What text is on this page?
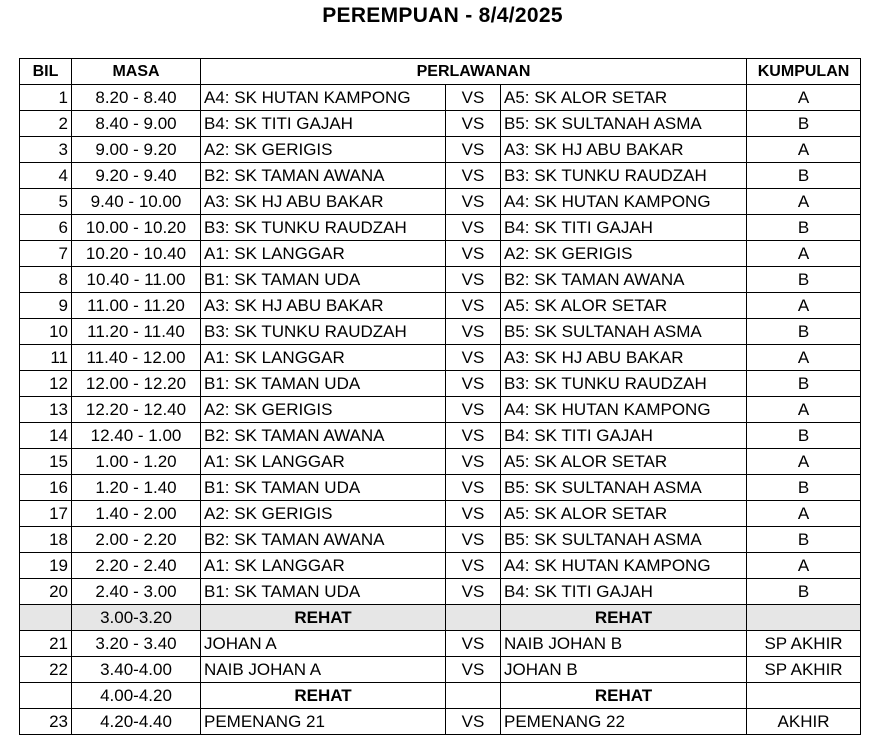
PEREMPUAN - 8/4/2025
BIL	MASA	PERLAWANAN			KUMPULAN
1	8.20 - 8.40	A4: SK HUTAN KAMPONG	VS	A5: SK ALOR SETAR	A
2	8.40 - 9.00	B4: SK TITI GAJAH	VS	B5: SK SULTANAH ASMA	B
3	9.00 - 9.20	A2: SK GERIGIS	VS	A3: SK HJ ABU BAKAR	A
4	9.20 - 9.40	B2: SK TAMAN AWANA	VS	B3: SK TUNKU RAUDZAH	B
5	9.40 - 10.00	A3: SK HJ ABU BAKAR	VS	A4: SK HUTAN KAMPONG	A
6	10.00 - 10.20	B3: SK TUNKU RAUDZAH	VS	B4: SK TITI GAJAH	B
7	10.20 - 10.40	A1: SK LANGGAR	VS	A2: SK GERIGIS	A
8	10.40 - 11.00	B1: SK TAMAN UDA	VS	B2: SK TAMAN AWANA	B
9	11.00 - 11.20	A3: SK HJ ABU BAKAR	VS	A5: SK ALOR SETAR	A
10	11.20 - 11.40	B3: SK TUNKU RAUDZAH	VS	B5: SK SULTANAH ASMA	B
11	11.40 - 12.00	A1: SK LANGGAR	VS	A3: SK HJ ABU BAKAR	A
12	12.00 - 12.20	B1: SK TAMAN UDA	VS	B3: SK TUNKU RAUDZAH	B
13	12.20 - 12.40	A2: SK GERIGIS	VS	A4: SK HUTAN KAMPONG	A
14	12.40 - 1.00	B2: SK TAMAN AWANA	VS	B4: SK TITI GAJAH	B
15	1.00 - 1.20	A1: SK LANGGAR	VS	A5: SK ALOR SETAR	A
16	1.20 - 1.40	B1: SK TAMAN UDA	VS	B5: SK SULTANAH ASMA	B
17	1.40 - 2.00	A2: SK GERIGIS	VS	A5: SK ALOR SETAR	A
18	2.00 - 2.20	B2: SK TAMAN AWANA	VS	B5: SK SULTANAH ASMA	B
19	2.20 - 2.40	A1: SK LANGGAR	VS	A4: SK HUTAN KAMPONG	A
20	2.40 - 3.00	B1: SK TAMAN UDA	VS	B4: SK TITI GAJAH	B
	3.00-3.20	REHAT		REHAT	
21	3.20 - 3.40	JOHAN A	VS	NAIB JOHAN B	SP AKHIR
22	3.40-4.00	NAIB JOHAN A	VS	JOHAN B	SP AKHIR
	4.00-4.20	REHAT		REHAT	
23	4.20-4.40	PEMENANG 21	VS	PEMENANG 22	AKHIR
